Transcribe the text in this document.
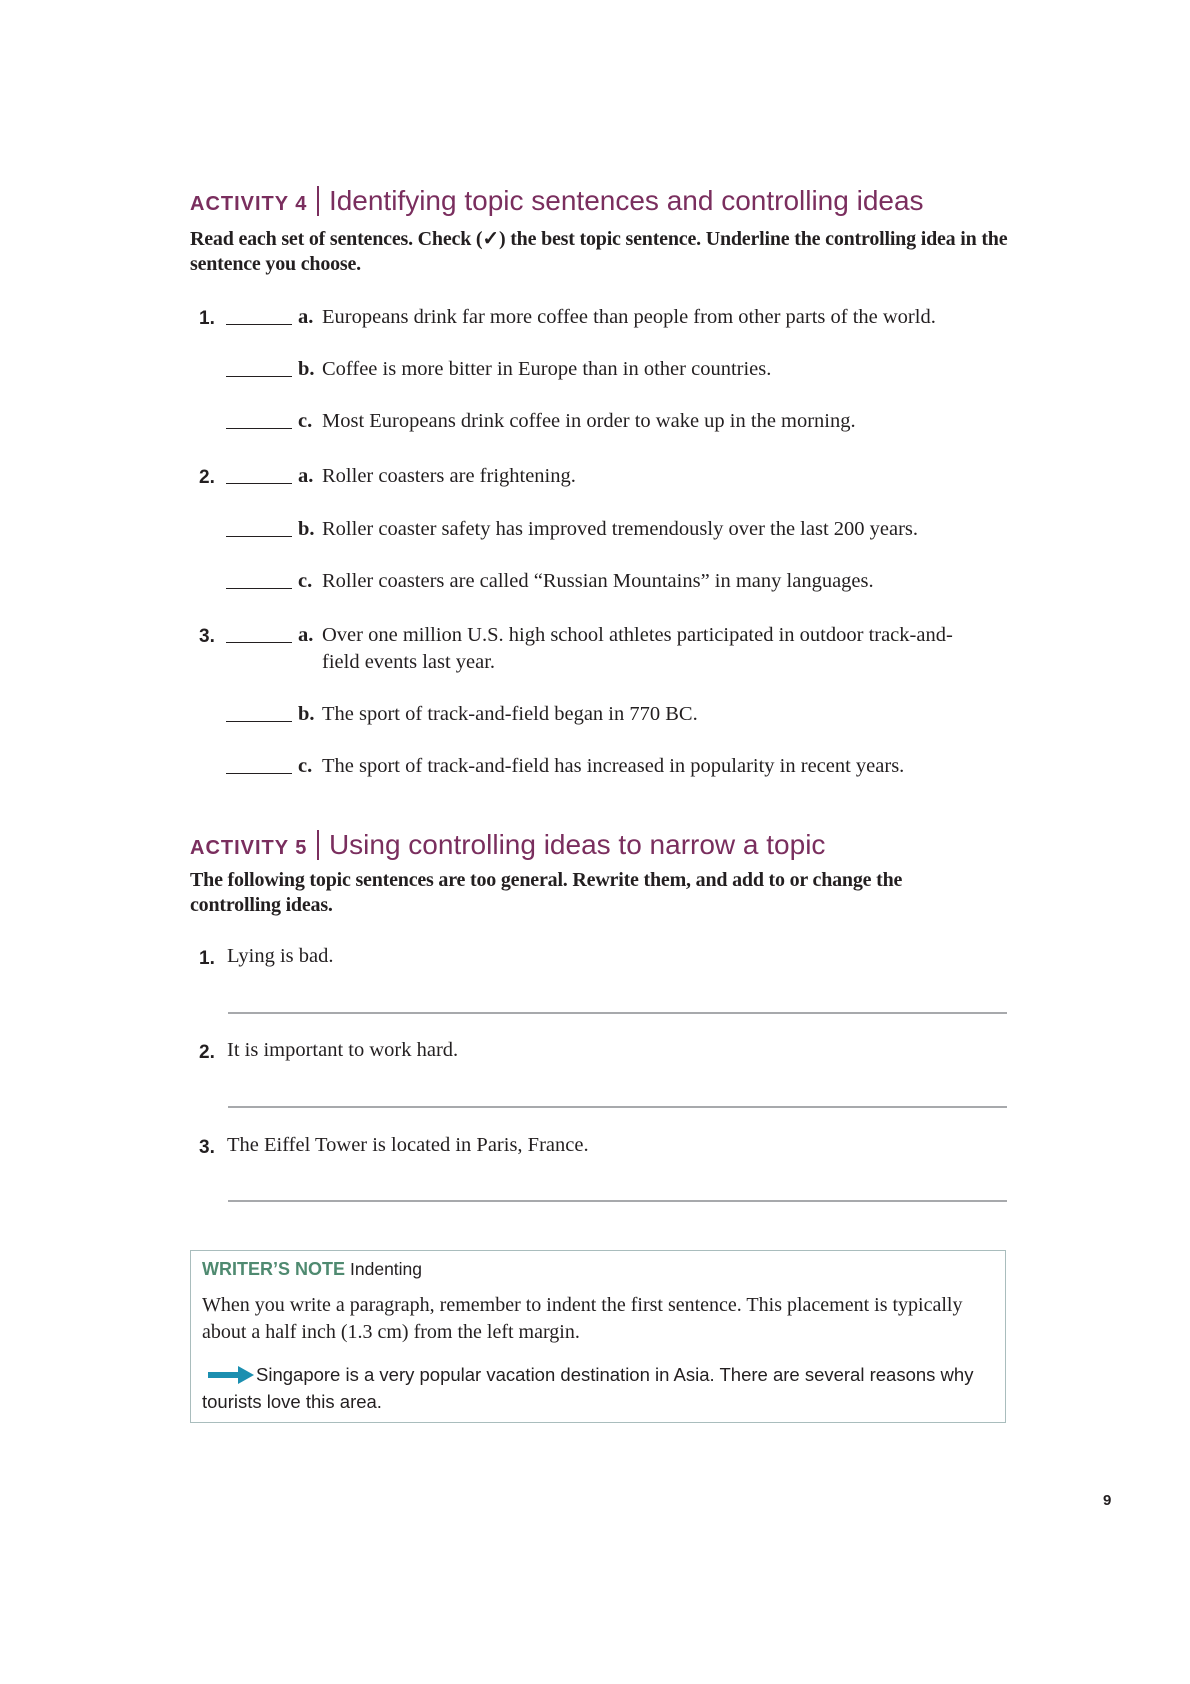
ACTIVITY 4 Identifying topic sentences and controlling ideas
Read each set of sentences. Check (✓) the best topic sentence. Underline the controlling idea in the sentence you choose.
1.	a. Europeans drink far more coffee than people from other parts of the world.
b. Coffee is more bitter in Europe than in other countries.
c. Most Europeans drink coffee in order to wake up in the morning.
2.	a. Roller coasters are frightening.
b. Roller coaster safety has improved tremendously over the last 200 years.
c. Roller coasters are called “Russian Mountains” in many languages.
3.	a. Over one million U.S. high school athletes participated in outdoor track-and-
field events last year.
b. The sport of track-and-field began in 770 BC.
c. The sport of track-and-field has increased in popularity in recent years.
ACTIVITY 5 Using controlling ideas to narrow a topic
The following topic sentences are too general. Rewrite them, and add to or change the controlling ideas.
1. Lying is bad.
2. It is important to work hard.
3. The Eiffel Tower is located in Paris, France.
WRITER’S NOTE Indenting
When you write a paragraph, remember to indent the first sentence. This placement is typically about a half inch (1.3 cm) from the left margin.
Singapore is a very popular vacation destination in Asia. There are several reasons why tourists love this area.
9
